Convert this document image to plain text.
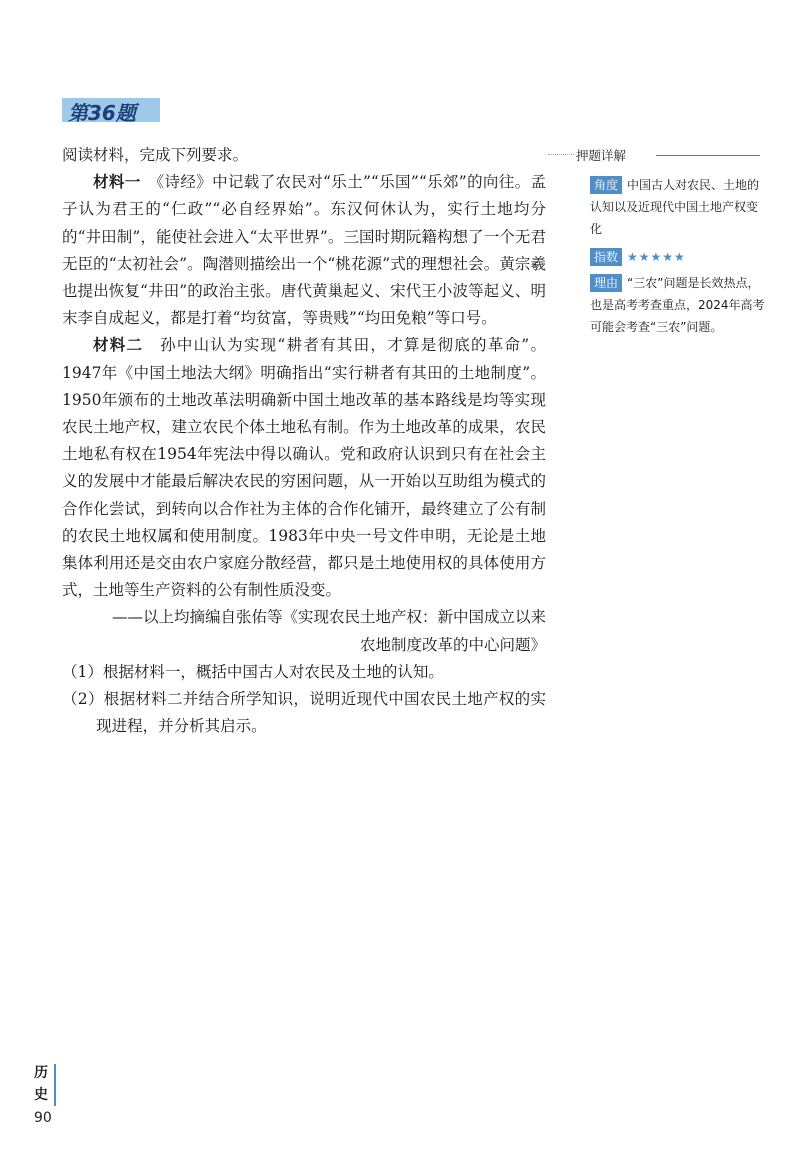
第36题

阅读材料，完成下列要求。

材料一　 《诗经》中记载了农民对“乐土”“乐国”“乐郊”的向往。孟子认为君王的“仁政”“必自经界始”。东汉何休认为，实行土地均分的“井田制”，能使社会进入“太平世界”。三国时期阮籍构想了一个无君无臣的“太初社会”。陶潜则描绘出一个“桃花源”式的理想社会。黄宗羲也提出恢复“井田”的政治主张。唐代黄巢起义、宋代王小波等起义、明末李自成起义，都是打着“均贫富，等贵贱”“均田免粮”等口号。

材料二　 孙中山认为实现“耕者有其田，才算是彻底的革命”。1947年《中国土地法大纲》明确指出“实行耕者有其田的土地制度”。1950年颁布的土地改革法明确新中国土地改革的基本路线是均等实现农民土地产权，建立农民个体土地私有制。作为土地改革的成果，农民土地私有权在1954年宪法中得以确认。党和政府认识到只有在社会主义的发展中才能最后解决农民的穷困问题，从一开始以互助组为模式的合作化尝试，到转向以合作社为主体的合作化铺开，最终建立了公有制的农民土地权属和使用制度。1983年中央一号文件申明，无论是土地集体利用还是交由农户家庭分散经营，都只是土地使用权的具体使用方式，土地等生产资料的公有制性质没变。

——以上均摘编自张佑等《实现农民土地产权：新中国成立以来

农地制度改革的中心问题》

（1）根据材料一，概括中国古人对农民及土地的认知。

（2）根据材料二并结合所学知识，说明近现代中国农民土地产权的实现进程，并分析其启示。

押题详解

角度 中国古人对农民、土地的认知以及近现代中国土地产权变化

指数 ★★★★★

理由 “三农”问题是长效热点，也是高考考查重点，2024年高考可能会考查“三农”问题。

历
史
90
